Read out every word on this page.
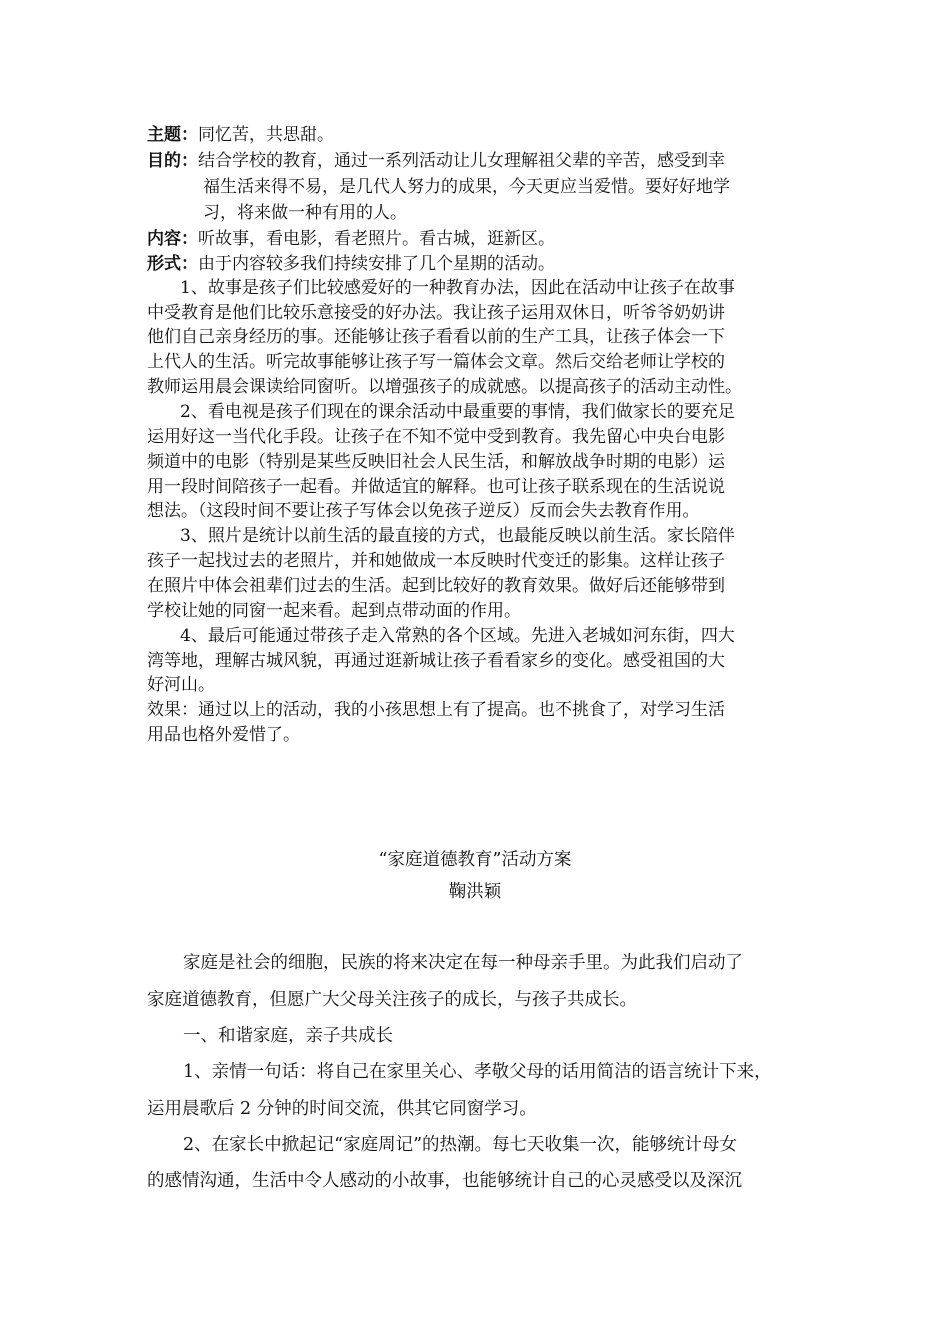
主题：同忆苦，共思甜。
目的：结合学校的教育，通过一系列活动让儿女理解祖父辈的辛苦，感受到幸
福生活来得不易，是几代人努力的成果，今天更应当爱惜。要好好地学
习，将来做一种有用的人。
内容：听故事，看电影，看老照片。看古城，逛新区。
形式：由于内容较多我们持续安排了几个星期的活动。
1、故事是孩子们比较感爱好的一种教育办法，因此在活动中让孩子在故事
中受教育是他们比较乐意接受的好办法。我让孩子运用双休日，听爷爷奶奶讲
他们自己亲身经历的事。还能够让孩子看看以前的生产工具，让孩子体会一下
上代人的生活。听完故事能够让孩子写一篇体会文章。然后交给老师让学校的
教师运用晨会课读给同窗听。以增强孩子的成就感。以提高孩子的活动主动性。
2、看电视是孩子们现在的课余活动中最重要的事情，我们做家长的要充足
运用好这一当代化手段。让孩子在不知不觉中受到教育。我先留心中央台电影
频道中的电影（特别是某些反映旧社会人民生活，和解放战争时期的电影）运
用一段时间陪孩子一起看。并做适宜的解释。也可让孩子联系现在的生活说说
想法。（这段时间不要让孩子写体会以免孩子逆反）反而会失去教育作用。
3、照片是统计以前生活的最直接的方式，也最能反映以前生活。家长陪伴
孩子一起找过去的老照片，并和她做成一本反映时代变迁的影集。这样让孩子
在照片中体会祖辈们过去的生活。起到比较好的教育效果。做好后还能够带到
学校让她的同窗一起来看。起到点带动面的作用。
4、最后可能通过带孩子走入常熟的各个区域。先进入老城如河东街，四大
湾等地，理解古城风貌，再通过逛新城让孩子看看家乡的变化。感受祖国的大
好河山。
效果：通过以上的活动，我的小孩思想上有了提高。也不挑食了，对学习生活
用品也格外爱惜了。
“家庭道德教育”活动方案
鞠洪颖
家庭是社会的细胞，民族的将来决定在每一种母亲手里。为此我们启动了
家庭道德教育，但愿广大父母关注孩子的成长，与孩子共成长。
一、和谐家庭，亲子共成长
1、亲情一句话：将自己在家里关心、孝敬父母的话用简洁的语言统计下来，
运用晨歌后 2 分钟的时间交流，供其它同窗学习。
2、在家长中掀起记“家庭周记”的热潮。每七天收集一次，能够统计母女
的感情沟通，生活中令人感动的小故事，也能够统计自己的心灵感受以及深沉
